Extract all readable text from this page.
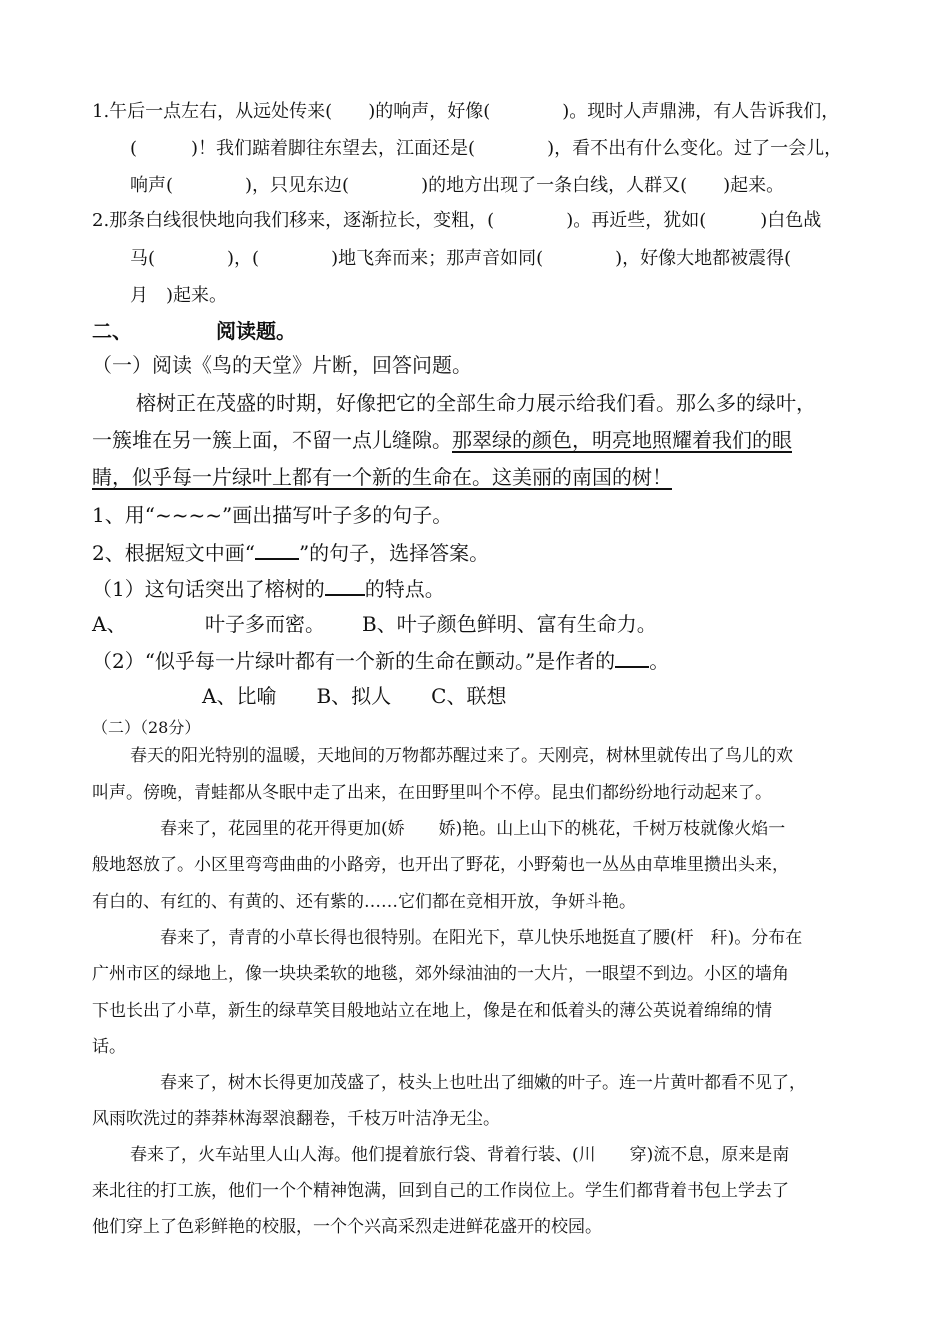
1.午后一点左右，从远处传来(　　)的响声，好像(　　　　)。现时人声鼎沸，有人告诉我们，
(　　　)！我们踮着脚往东望去，江面还是(　　　　)，看不出有什么变化。过了一会儿，
响声(　　　　)，只见东边(　　　　)的地方出现了一条白线，人群又(　　)起来。
2.那条白线很快地向我们移来，逐渐拉长，变粗，(　　　　)。再近些，犹如(　　　)白色战
马(　　　　)，(　　　　)地飞奔而来；那声音如同(　　　　)，好像大地都被震得(
月　)起来。
二、	阅读题。
（一）阅读《鸟的天堂》片断，回答问题。
榕树正在茂盛的时期，好像把它的全部生命力展示给我们看。那么多的绿叶，
一簇堆在另一簇上面，不留一点儿缝隙。那翠绿的颜色，明亮地照耀着我们的眼
睛，似乎每一片绿叶上都有一个新的生命在。这美丽的南国的树！
1、用“~~~~”画出描写叶子多的句子。
2、根据短文中画“ ”的句子，选择答案。
（1）这句话突出了榕树的 的特点。
A、	叶子多而密。 B、叶子颜色鲜明、富有生命力。
（2）“似乎每一片绿叶都有一个新的生命在颤动。”是作者的 。
A、比喻　　B、拟人　　C、联想
（二）（28分）
春天的阳光特别的温暖，天地间的万物都苏醒过来了。天刚亮，树林里就传出了鸟儿的欢
叫声。傍晚，青蛙都从冬眠中走了出来，在田野里叫个不停。昆虫们都纷纷地行动起来了。
春来了，花园里的花开得更加(娇　　娇)艳。山上山下的桃花，千树万枝就像火焰一
般地怒放了。小区里弯弯曲曲的小路旁，也开出了野花，小野菊也一丛丛由草堆里攒出头来，
有白的、有红的、有黄的、还有紫的……它们都在竞相开放，争妍斗艳。
春来了，青青的小草长得也很特别。在阳光下，草儿快乐地挺直了腰(杆　秆)。分布在
广州市区的绿地上，像一块块柔软的地毯，郊外绿油油的一大片，一眼望不到边。小区的墙角
下也长出了小草，新生的绿草笑目般地站立在地上，像是在和低着头的薄公英说着绵绵的情
话。
春来了，树木长得更加茂盛了，枝头上也吐出了细嫩的叶子。连一片黄叶都看不见了，
风雨吹洗过的莽莽林海翠浪翻卷，千枝万叶洁净无尘。
春来了，火车站里人山人海。他们提着旅行袋、背着行装、(川　　穿)流不息，原来是南
来北往的打工族，他们一个个精神饱满，回到自己的工作岗位上。学生们都背着书包上学去了
他们穿上了色彩鲜艳的校服，一个个兴高采烈走进鲜花盛开的校园。
